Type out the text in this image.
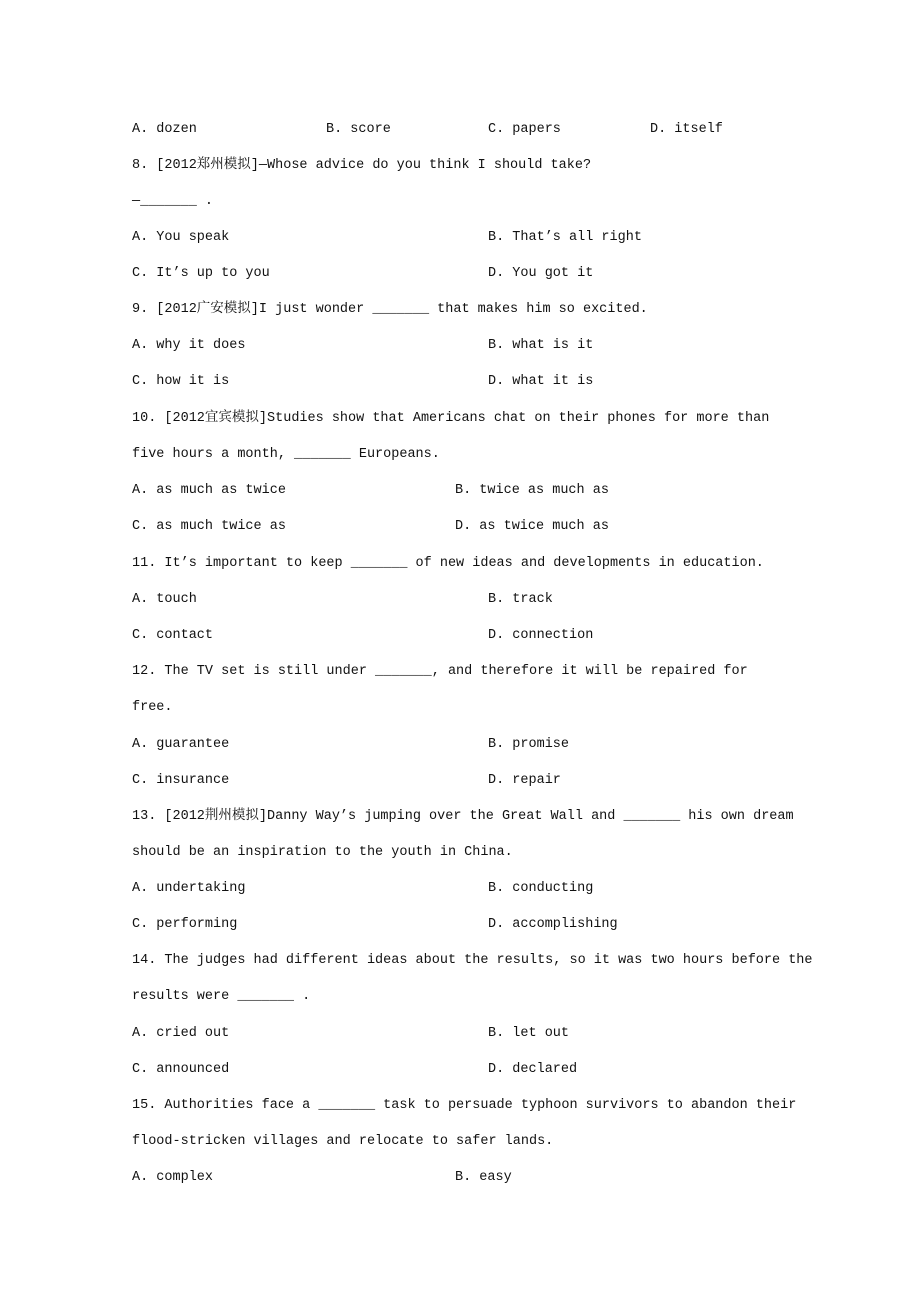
A. dozen	B. score	C. papers	D. itself
8. [2012郑州模拟]—Whose advice do you think I should take?
—_______ .
A. You speak	B. That’s all right
C. It’s up to you	D. You got it
9. [2012广安模拟]I just wonder _______ that makes him so excited.
A. why it does	B. what is it
C. how it is	D. what it is
10. [2012宜宾模拟]Studies show that Americans chat on their phones for more than
five hours a month, _______ Europeans.
A. as much as twice	B. twice as much as
C. as much twice as	D. as twice much as
11. It’s important to keep _______ of new ideas and developments in education.
A. touch	B. track
C. contact	D. connection
12. The TV set is still under _______, and therefore it will be repaired for
free.
A. guarantee	B. promise
C. insurance	D. repair
13. [2012荆州模拟]Danny Way’s jumping over the Great Wall and _______ his own dream
should be an inspiration to the youth in China.
A. undertaking	B. conducting
C. performing	D. accomplishing
14. The judges had different ideas about the results, so it was two hours before the
results were _______ .
A. cried out	B. let out
C. announced	D. declared
15. Authorities face a _______ task to persuade typhoon survivors to abandon their
flood-stricken villages and relocate to safer lands.
A. complex	B. easy
